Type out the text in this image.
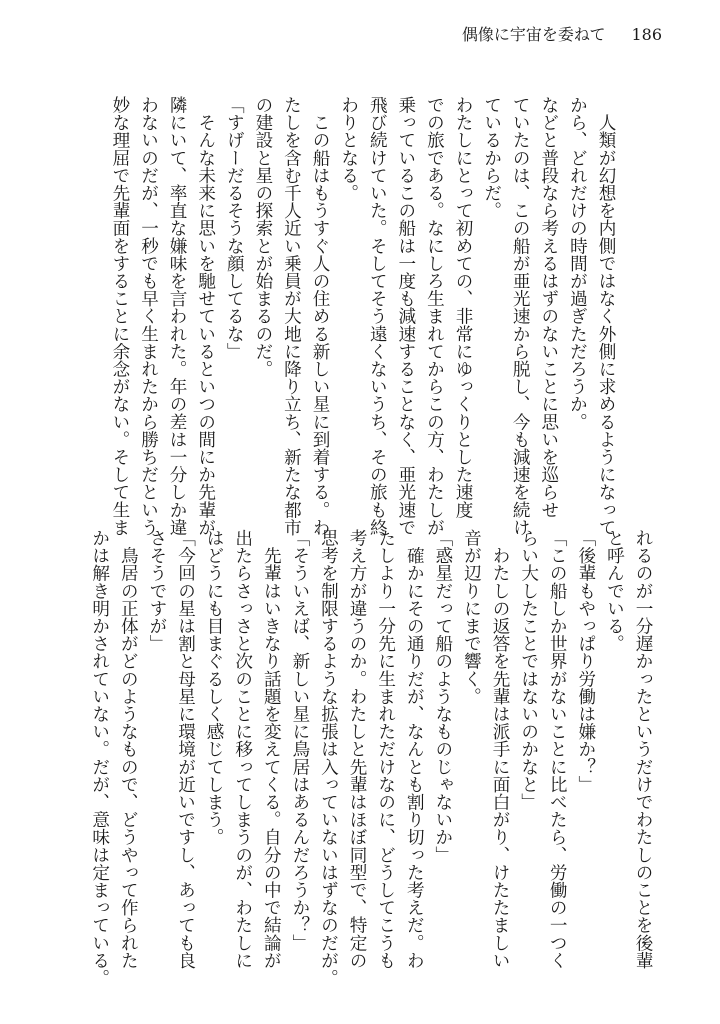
偶像に宇宙を委ねて 186
　人類が幻想を内側ではなく外側に求めるようになって
から、どれだけの時間が過ぎただろうか。
などと普段なら考えるはずのないことに思いを巡らせ
ていたのは、この船が亜光速から脱し、今も減速を続け
ているからだ。
わたしにとって初めての、非常にゆっくりとした速度
での旅である。なにしろ生まれてからこの方、わたしが
乗っているこの船は一度も減速することなく、亜光速で
飛び続けていた。そしてそう遠くないうち、その旅も終
わりとなる。
　この船はもうすぐ人の住める新しい星に到着する。わ
たしを含む千人近い乗員が大地に降り立ち、新たな都市
の建設と星の探索とが始まるのだ。
「すげーだるそうな顔してるな」
　そんな未来に思いを馳せているといつの間にか先輩が
隣にいて、率直な嫌味を言われた。年の差は一分しか違
わないのだが、一秒でも早く生まれたから勝ちだという
妙な理屈で先輩面をすることに余念がない。そして生ま
れるのが一分遅かったというだけでわたしのことを後輩
と呼んでいる。
「後輩もやっぱり労働は嫌か？」
「この船しか世界がないことに比べたら、労働の一つく
らい大したことではないのかなと」
　わたしの返答を先輩は派手に面白がり、けたたましい
音が辺りにまで響く。
「惑星だって船のようなものじゃないか」
　確かにその通りだが、なんとも割り切った考えだ。わ
たしより一分先に生まれただけなのに、どうしてこうも
考え方が違うのか。わたしと先輩はほぼ同型で、特定の
思考を制限するような拡張は入っていないはずなのだが。
「そういえば、新しい星に鳥居はあるんだろうか？」
　先輩はいきなり話題を変えてくる。自分の中で結論が
出たらさっさと次のことに移ってしまうのが、わたしに
はどうにも目まぐるしく感じてしまう。
「今回の星は割と母星に環境が近いですし、あっても良
さそうですが」
　鳥居の正体がどのようなもので、どうやって作られた
かは解き明かされていない。だが、意味は定まっている。
